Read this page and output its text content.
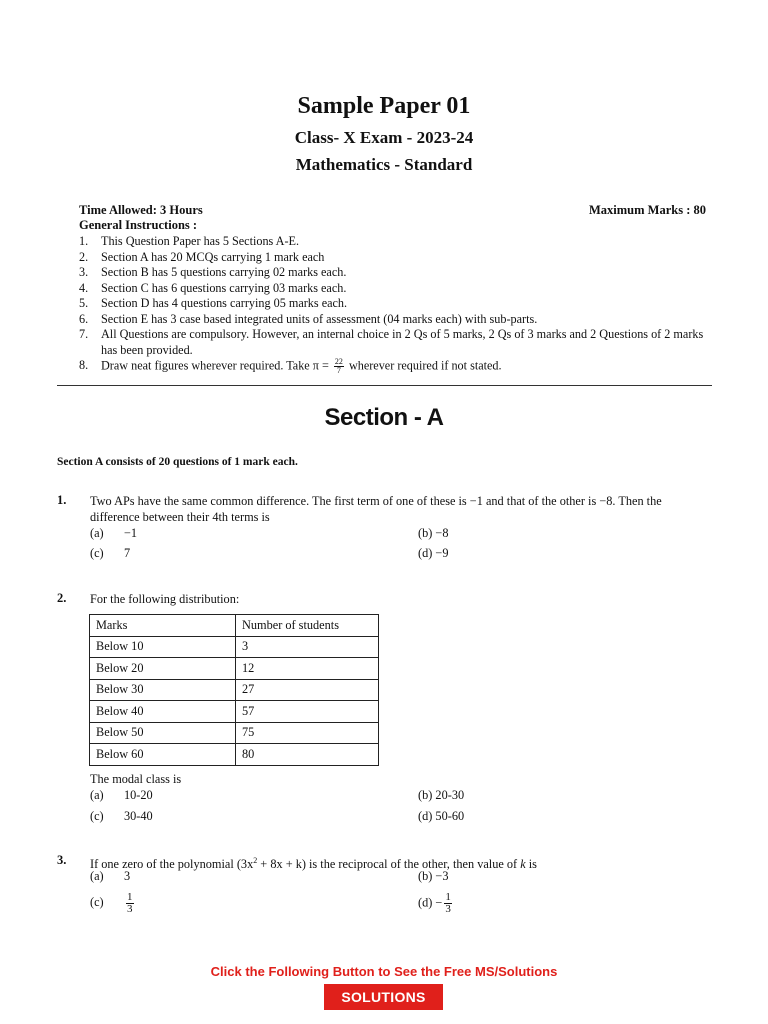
Sample Paper 01
Class- X Exam - 2023-24
Mathematics - Standard
Time Allowed: 3 Hours	Maximum Marks : 80
General Instructions :
1.	This Question Paper has 5 Sections A-E.
2.	Section A has 20 MCQs carrying 1 mark each
3.	Section B has 5 questions carrying 02 marks each.
4.	Section C has 6 questions carrying 03 marks each.
5.	Section D has 4 questions carrying 05 marks each.
6.	Section E has 3 case based integrated units of assessment (04 marks each) with sub-parts.
7.	All Questions are compulsory. However, an internal choice in 2 Qs of 5 marks, 2 Qs of 3 marks and 2 Questions of 2 marks has been provided.
8.	Draw neat figures wherever required. Take $\pi = \frac{22}{7}$ wherever required if not stated.
Section - A
Section A consists of 20 questions of 1 mark each.
1. Two APs have the same common difference. The first term of one of these is −1 and that of the other is −8. Then the difference between their 4th terms is
(a) −1	(b) −8
(c) 7	(d) −9
2. For the following distribution:
Marks	Number of students
Below 10	3
Below 20	12
Below 30	27
Below 40	57
Below 50	75
Below 60	80
The modal class is
(a) 10-20	(b) 20-30
(c) 30-40	(d) 50-60
3. If one zero of the polynomial $(3x^2 + 8x + k)$ is the reciprocal of the other, then value of k is
(a) 3	(b) −3
$(c) \frac{1}{3}$	$(d) - \frac{1}{3}$
Click the Following Button to See the Free MS/Solutions
SOLUTIONS
